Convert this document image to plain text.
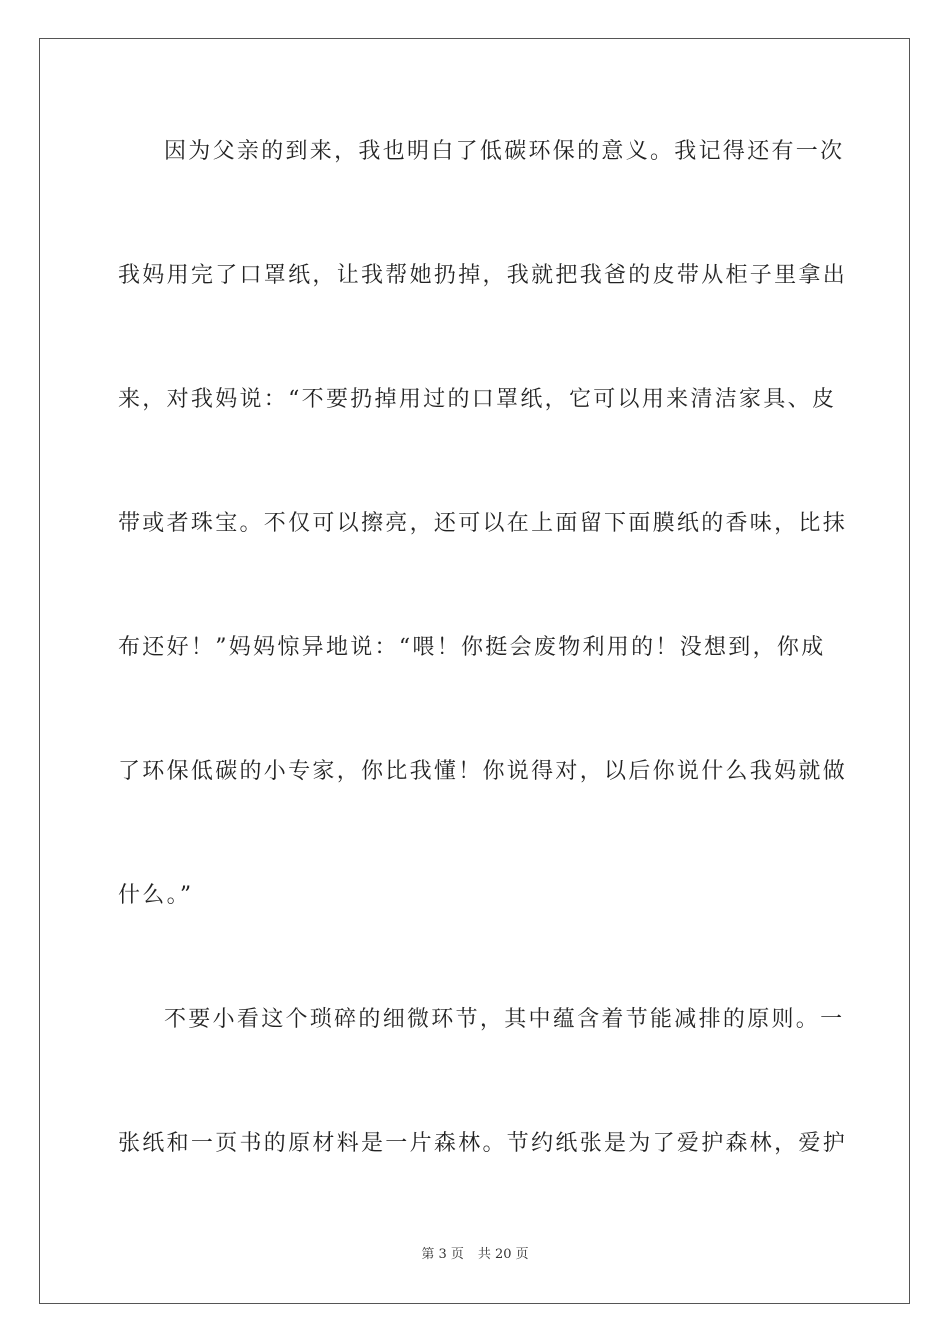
因为父亲的到来，我也明白了低碳环保的意义。我记得还有一次
我妈用完了口罩纸，让我帮她扔掉，我就把我爸的皮带从柜子里拿出
来，对我妈说：“不要扔掉用过的口罩纸，它可以用来清洁家具、皮
带或者珠宝。不仅可以擦亮，还可以在上面留下面膜纸的香味，比抹
布还好！”妈妈惊异地说：“喂！你挺会废物利用的！没想到，你成
了环保低碳的小专家，你比我懂！你说得对，以后你说什么我妈就做
什么。”
不要小看这个琐碎的细微环节，其中蕴含着节能减排的原则。一
张纸和一页书的原材料是一片森林。节约纸张是为了爱护森林，爱护
第 3 页 共 20 页
